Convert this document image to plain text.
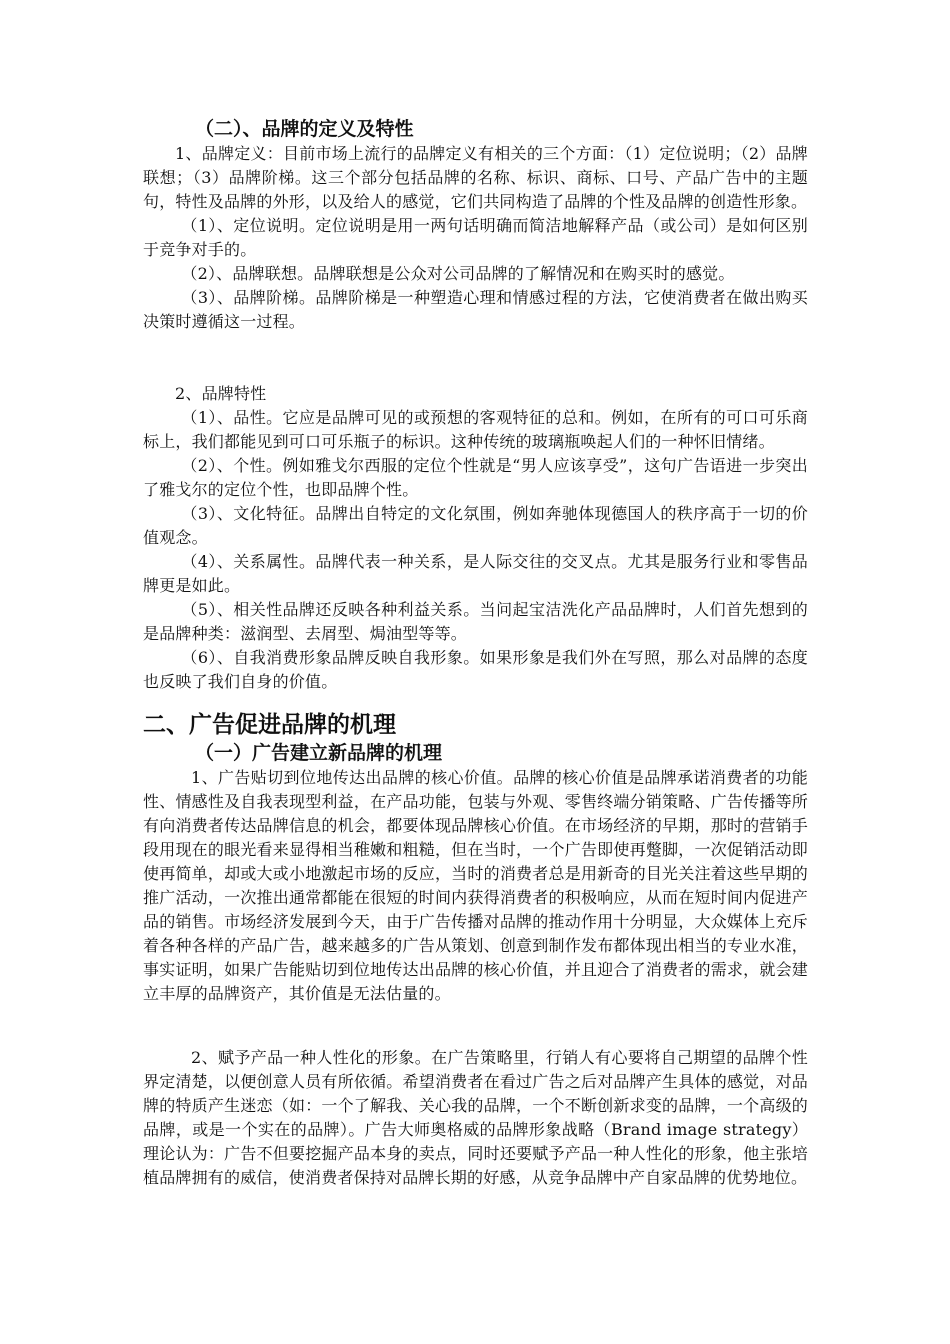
（二）、品牌的定义及特性

1、品牌定义：目前市场上流行的品牌定义有相关的三个方面：（1）定位说明；（2）品牌联想；（3）品牌阶梯。这三个部分包括品牌的名称、标识、商标、口号、产品广告中的主题句，特性及品牌的外形，以及给人的感觉，它们共同构造了品牌的个性及品牌的创造性形象。

（1）、定位说明。定位说明是用一两句话明确而简洁地解释产品（或公司）是如何区别于竞争对手的。

（2）、品牌联想。品牌联想是公众对公司品牌的了解情况和在购买时的感觉。

（3）、品牌阶梯。品牌阶梯是一种塑造心理和情感过程的方法，它使消费者在做出购买决策时遵循这一过程。

2、品牌特性

（1）、品性。它应是品牌可见的或预想的客观特征的总和。例如，在所有的可口可乐商标上，我们都能见到可口可乐瓶子的标识。这种传统的玻璃瓶唤起人们的一种怀旧情绪。

（2）、个性。例如雅戈尔西服的定位个性就是“男人应该享受”，这句广告语进一步突出了雅戈尔的定位个性，也即品牌个性。

（3）、文化特征。品牌出自特定的文化氛围，例如奔驰体现德国人的秩序高于一切的价值观念。

（4）、关系属性。品牌代表一种关系，是人际交往的交叉点。尤其是服务行业和零售品牌更是如此。

（5）、相关性品牌还反映各种利益关系。当问起宝洁洗化产品品牌时，人们首先想到的是品牌种类：滋润型、去屑型、焗油型等等。

（6）、自我消费形象品牌反映自我形象。如果形象是我们外在写照，那么对品牌的态度也反映了我们自身的价值。

二、广告促进品牌的机理

（一）广告建立新品牌的机理

1、广告贴切到位地传达出品牌的核心价值。品牌的核心价值是品牌承诺消费者的功能性、情感性及自我表现型利益，在产品功能，包装与外观、零售终端分销策略、广告传播等所有向消费者传达品牌信息的机会，都要体现品牌核心价值。在市场经济的早期，那时的营销手段用现在的眼光看来显得相当稚嫩和粗糙，但在当时，一个广告即使再蹩脚，一次促销活动即使再简单，却或大或小地激起市场的反应，当时的消费者总是用新奇的目光关注着这些早期的推广活动，一次推出通常都能在很短的时间内获得消费者的积极响应，从而在短时间内促进产品的销售。市场经济发展到今天，由于广告传播对品牌的推动作用十分明显，大众媒体上充斥着各种各样的产品广告，越来越多的广告从策划、创意到制作发布都体现出相当的专业水准，事实证明，如果广告能贴切到位地传达出品牌的核心价值，并且迎合了消费者的需求，就会建立丰厚的品牌资产，其价值是无法估量的。

2、赋予产品一种人性化的形象。在广告策略里，行销人有心要将自己期望的品牌个性界定清楚，以便创意人员有所依循。希望消费者在看过广告之后对品牌产生具体的感觉，对品牌的特质产生迷恋（如：一个了解我、关心我的品牌，一个不断创新求变的品牌，一个高级的品牌，或是一个实在的品牌）。广告大师奥格威的品牌形象战略（Brand image strategy）理论认为：广告不但要挖掘产品本身的卖点，同时还要赋予产品一种人性化的形象，他主张培植品牌拥有的威信，使消费者保持对品牌长期的好感，从竞争品牌中产自家品牌的优势地位。
